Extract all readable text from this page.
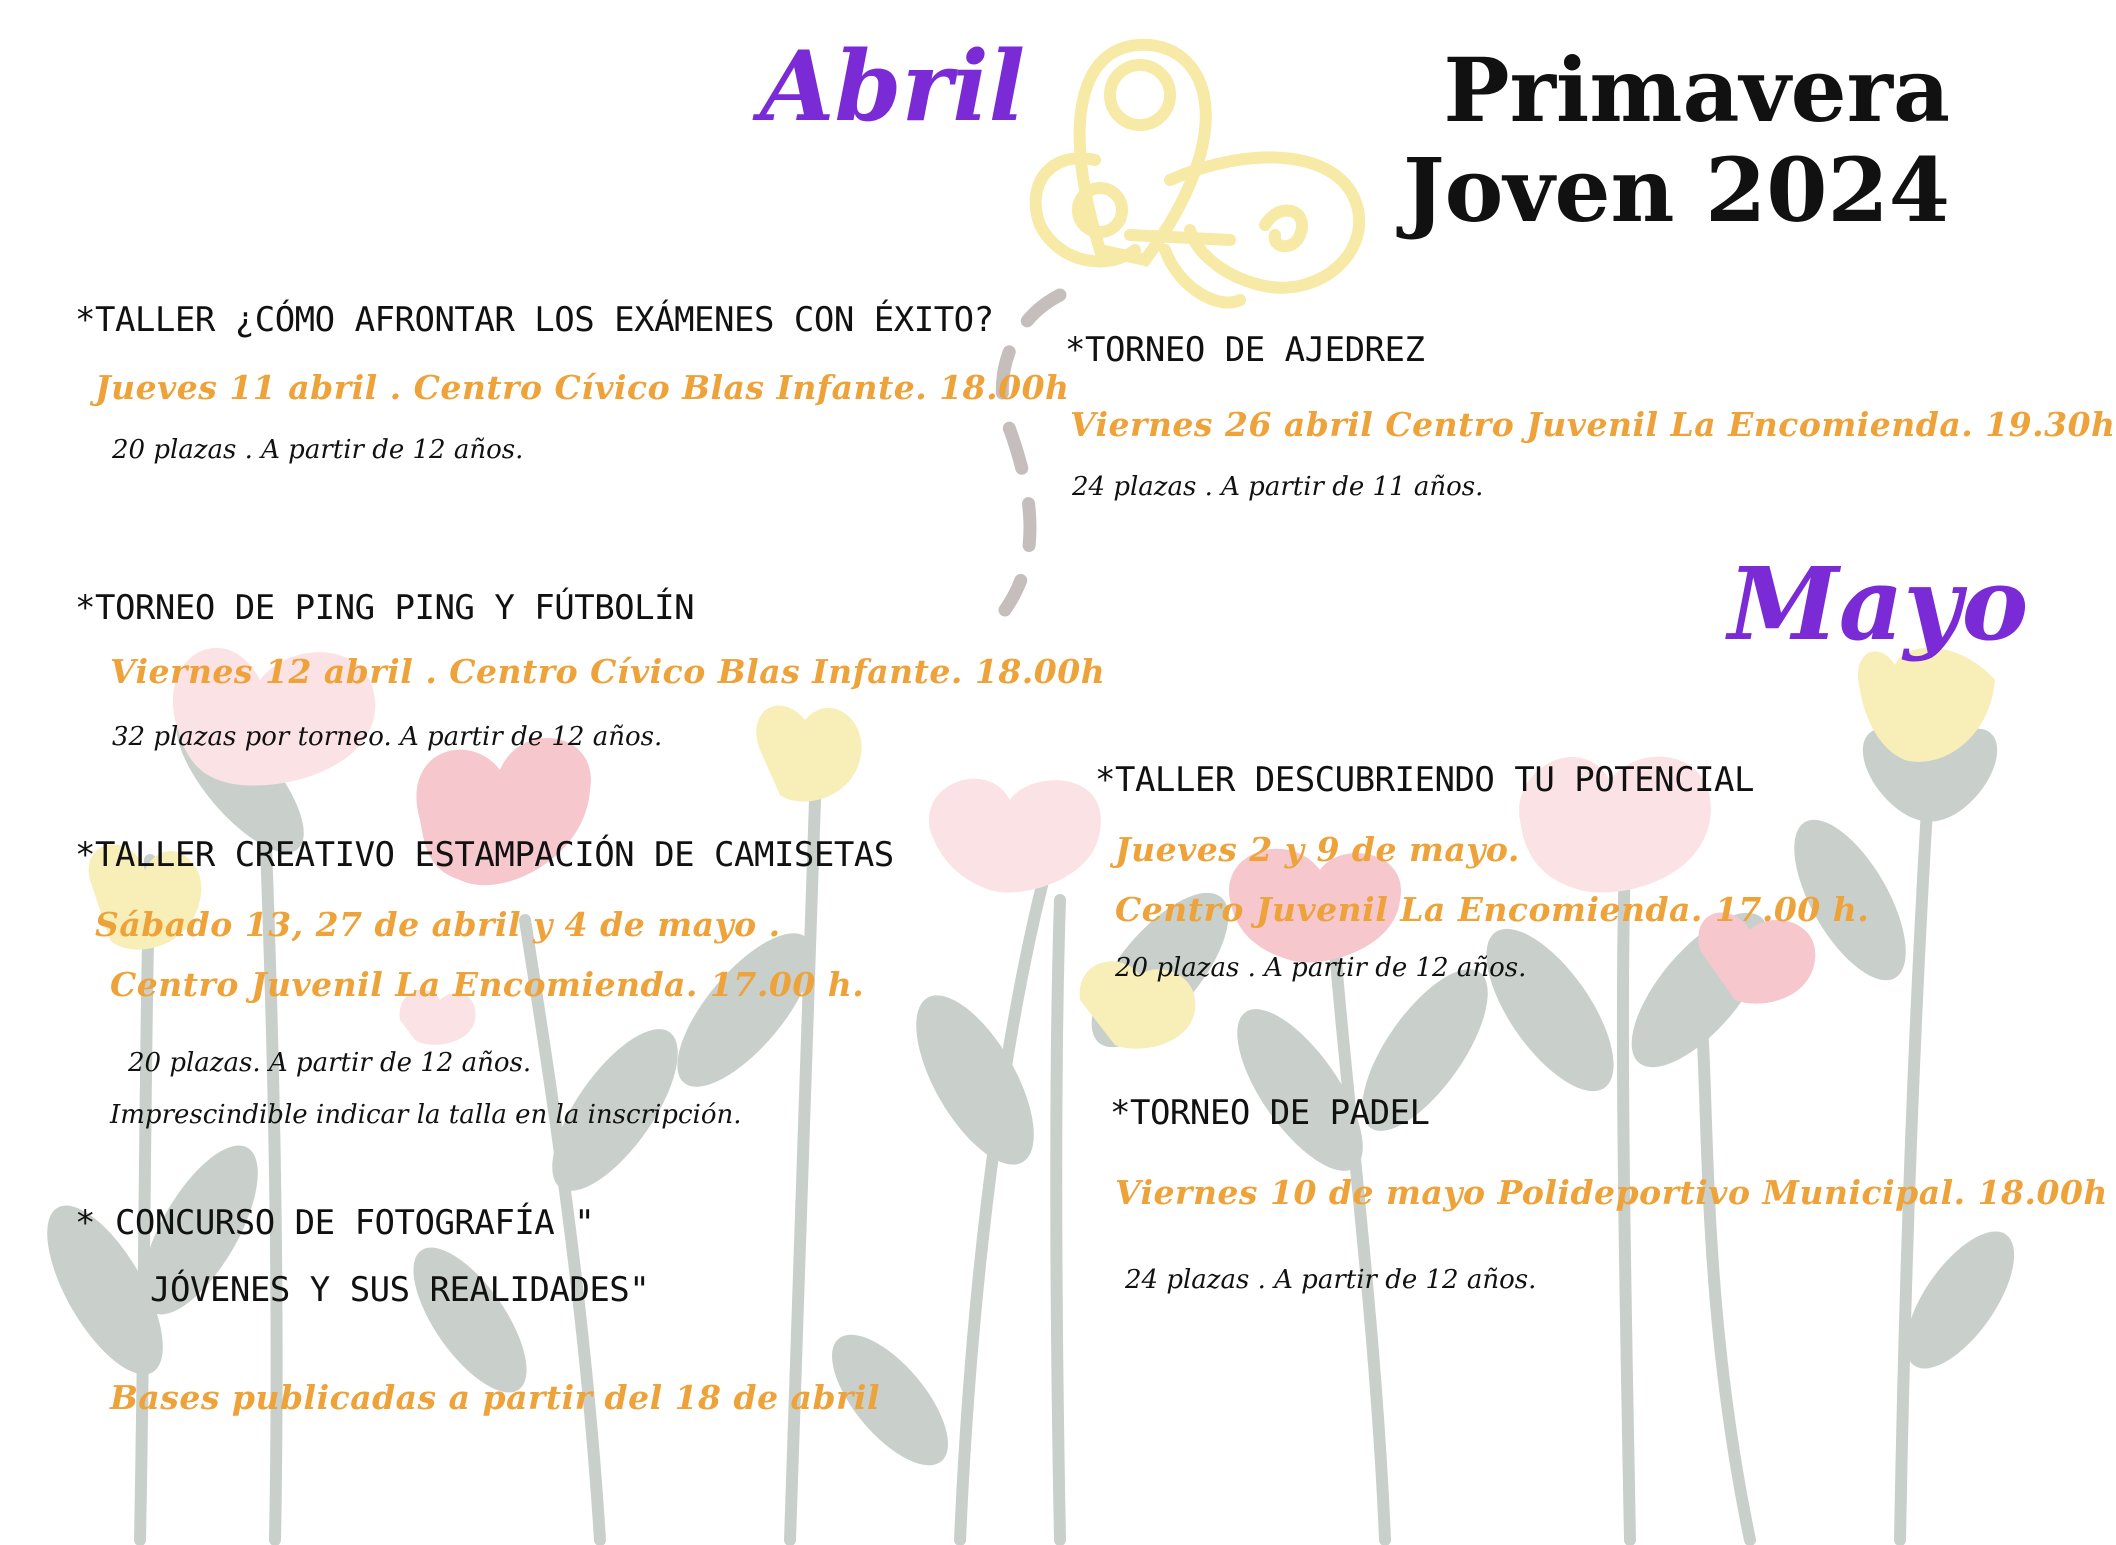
Primavera
Joven 2024
Abril
Mayo
*TALLER ¿CÓMO AFRONTAR LOS EXÁMENES CON ÉXITO?
Jueves 11 abril . Centro Cívico Blas Infante. 18.00h
20 plazas . A partir de 12 años.
*TORNEO DE PING PING Y FÚTBOLÍN
Viernes 12 abril . Centro Cívico Blas Infante. 18.00h
32 plazas por torneo. A partir de 12 años.
*TALLER CREATIVO ESTAMPACIÓN DE CAMISETAS
Sábado 13, 27 de abril y 4 de mayo .
Centro Juvenil La Encomienda. 17.00 h.
20 plazas. A partir de 12 años.
Imprescindible indicar la talla en la inscripción.
* CONCURSO DE FOTOGRAFÍA "
JÓVENES Y SUS REALIDADES"
Bases publicadas a partir del 18 de abril
*TORNEO DE AJEDREZ
Viernes 26 abril Centro Juvenil La Encomienda. 19.30h
24 plazas . A partir de 11 años.
*TALLER DESCUBRIENDO TU POTENCIAL
Jueves 2 y 9 de mayo.
Centro Juvenil La Encomienda. 17.00 h.
20 plazas . A partir de 12 años.
*TORNEO DE PADEL
Viernes 10 de mayo Polideportivo Municipal. 18.00h
24 plazas . A partir de 12 años.
